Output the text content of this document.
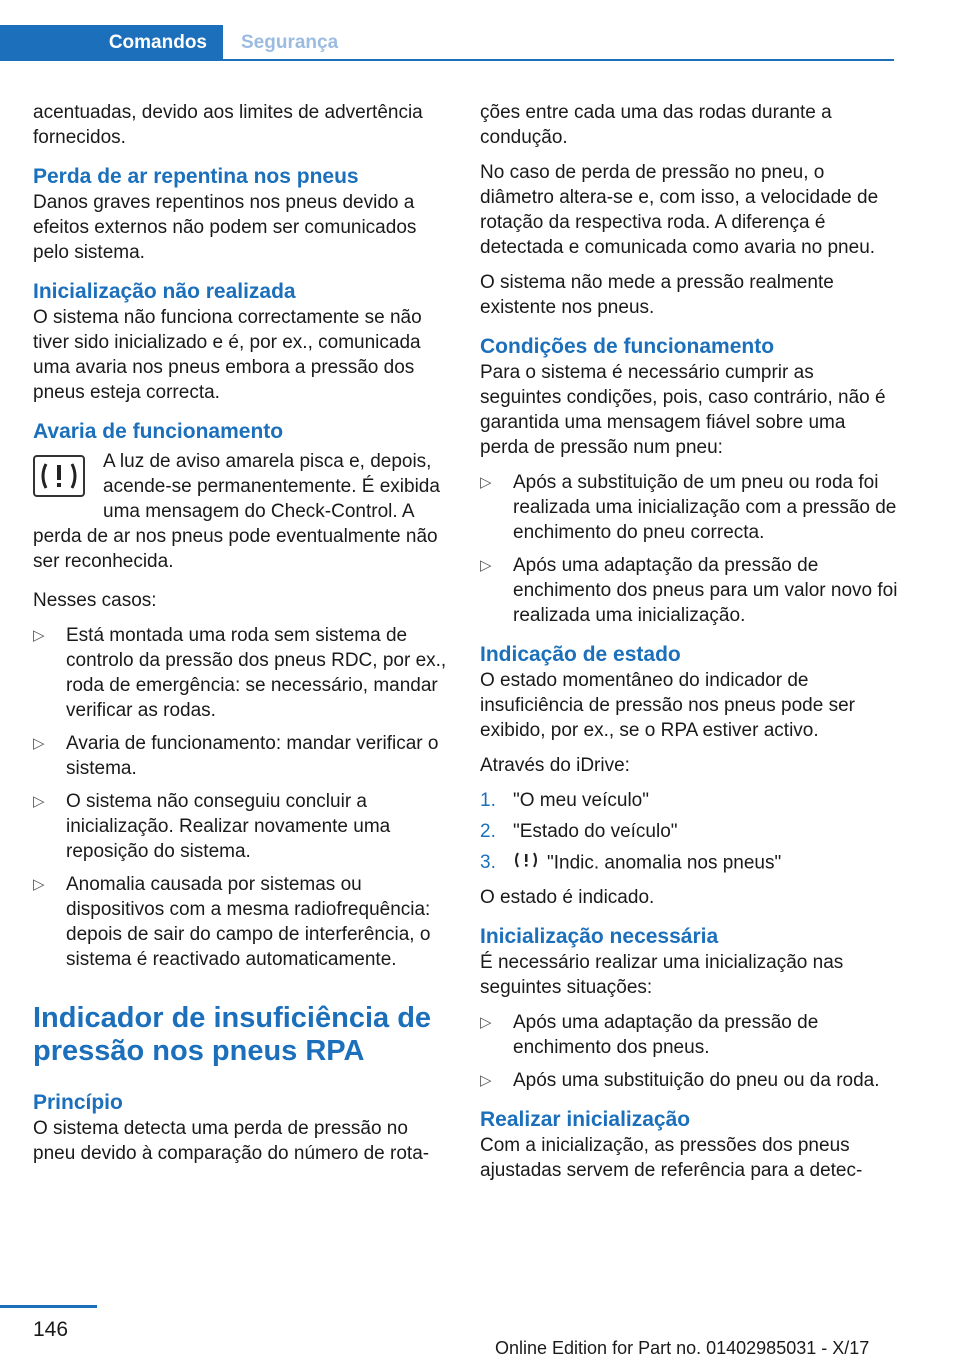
Comandos	Segurança

acentuadas, devido aos limites de advertência fornecidos.

Perda de ar repentina nos pneus

Danos graves repentinos nos pneus devido a efeitos externos não podem ser comunicados pelo sistema.

Inicialização não realizada

O sistema não funciona correctamente se não tiver sido inicializado e é, por ex., comunicada uma avaria nos pneus embora a pressão dos pneus esteja correcta.

Avaria de funcionamento

A luz de aviso amarela pisca e, depois, acende-se permanentemente. É exibida uma mensagem do Check-Control. A perda de ar nos pneus pode eventualmente não ser reconhecida.

Nesses casos:

▷ Está montada uma roda sem sistema de controlo da pressão dos pneus RDC, por ex., roda de emergência: se necessário, mandar verificar as rodas.
▷ Avaria de funcionamento: mandar verificar o sistema.
▷ O sistema não conseguiu concluir a inicialização. Realizar novamente uma reposição do sistema.
▷ Anomalia causada por sistemas ou dispositivos com a mesma radiofrequência: depois de sair do campo de interferência, o sistema é reactivado automaticamente.
Indicador de insuficiência de pressão nos pneus RPA
Princípio

O sistema detecta uma perda de pressão no pneu devido à comparação do número de rota-

ções entre cada uma das rodas durante a condução.

No caso de perda de pressão no pneu, o diâmetro altera-se e, com isso, a velocidade de rotação da respectiva roda. A diferença é detectada e comunicada como avaria no pneu.

O sistema não mede a pressão realmente existente nos pneus.

Condições de funcionamento

Para o sistema é necessário cumprir as seguintes condições, pois, caso contrário, não é garantida uma mensagem fiável sobre uma perda de pressão num pneu:

▷ Após a substituição de um pneu ou roda foi realizada uma inicialização com a pressão de enchimento do pneu correcta.
▷ Após uma adaptação da pressão de enchimento dos pneus para um valor novo foi realizada uma inicialização.
Indicação de estado

O estado momentâneo do indicador de insuficiência de pressão nos pneus pode ser exibido, por ex., se o RPA estiver activo.

Através do iDrive:

1. "O meu veículo"
2. "Estado do veículo"
3.	"Indic. anomalia nos pneus"

O estado é indicado.

Inicialização necessária

É necessário realizar uma inicialização nas seguintes situações:

▷ Após uma adaptação da pressão de enchimento dos pneus.
▷ Após uma substituição do pneu ou da roda.
Realizar inicialização

Com a inicialização, as pressões dos pneus ajustadas servem de referência para a detec-

146
Online Edition for Part no. 01402985031 - X/17
